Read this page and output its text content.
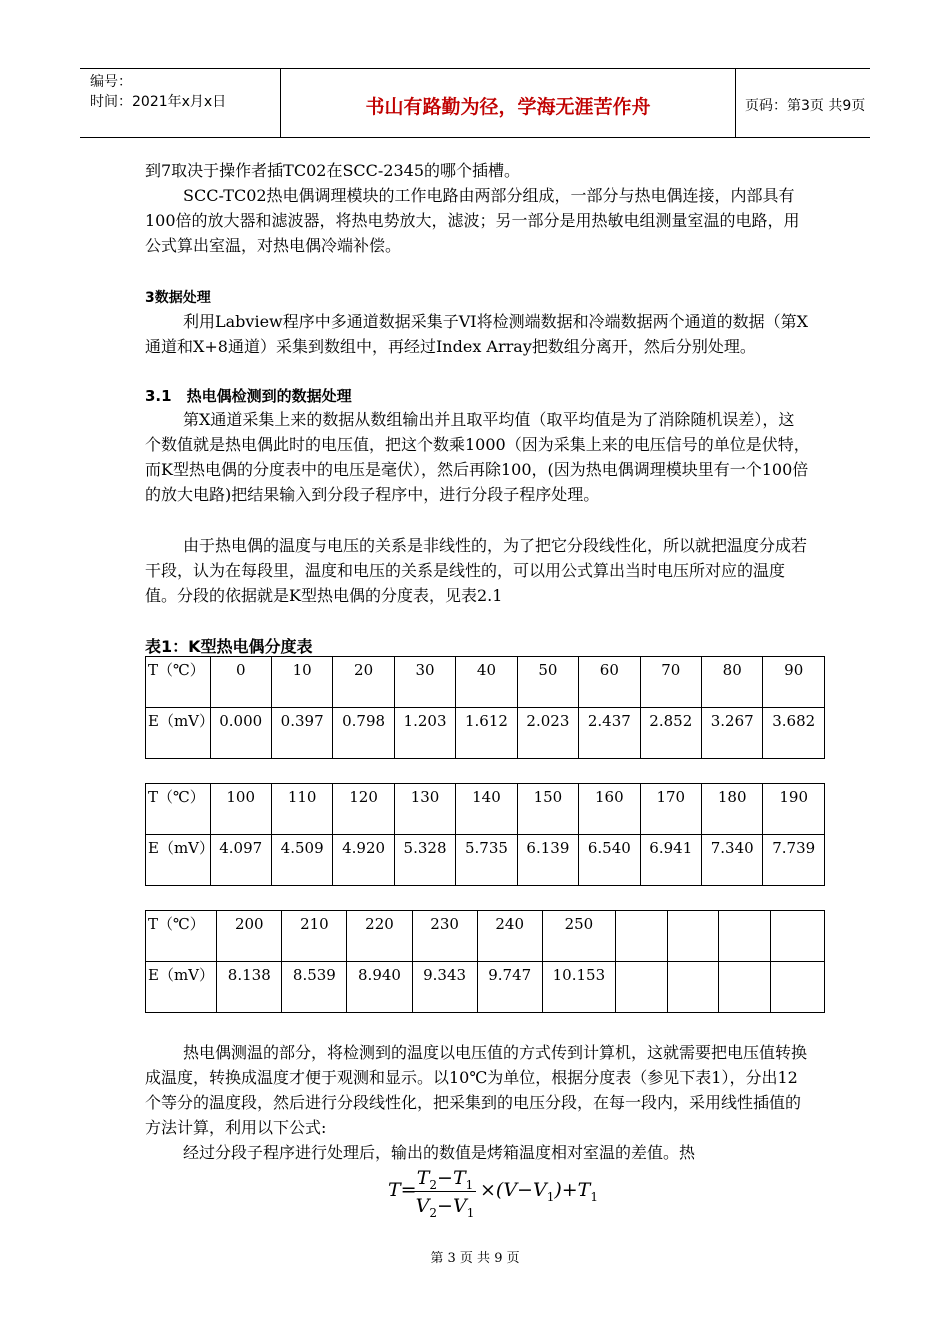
编号：
时间：2021年x月x日	书山有路勤为径，学海无涯苦作舟	页码：第3页 共9页

到7取决于操作者插TC02在SCC-2345的哪个插槽。

SCC-TC02热电偶调理模块的工作电路由两部分组成，一部分与热电偶连接，内部具有100倍的放大器和滤波器，将热电势放大，滤波；另一部分是用热敏电组测量室温的电路，用公式算出室温，对热电偶冷端补偿。

3数据处理

利用Labview程序中多通道数据采集子VI将检测端数据和冷端数据两个通道的数据（第X通道和X+8通道）采集到数组中，再经过Index Array把数组分离开，然后分别处理。

3.1　热电偶检测到的数据处理

第X通道采集上来的数据从数组输出并且取平均值（取平均值是为了消除随机误差），这个数值就是热电偶此时的电压值，把这个数乘1000（因为采集上来的电压信号的单位是伏特，而K型热电偶的分度表中的电压是毫伏），然后再除100，(因为热电偶调理模块里有一个100倍的放大电路)把结果输入到分段子程序中，进行分段子程序处理。

由于热电偶的温度与电压的关系是非线性的，为了把它分段线性化，所以就把温度分成若干段，认为在每段里，温度和电压的关系是线性的，可以用公式算出当时电压所对应的温度值。分段的依据就是K型热电偶的分度表，见表2.1

表1：K型热电偶分度表
T（℃）	0	10	20	30	40	50	60	70	80	90
E（mV）	0.000	0.397	0.798	1.203	1.612	2.023	2.437	2.852	3.267	3.682
T（℃）	100	110	120	130	140	150	160	170	180	190
E（mV）	4.097	4.509	4.920	5.328	5.735	6.139	6.540	6.941	7.340	7.739
T（℃）	200	210	220	230	240	250				
E（mV）	8.138	8.539	8.940	9.343	9.747	10.153				

热电偶测温的部分，将检测到的温度以电压值的方式传到计算机，这就需要把电压值转换成温度，转换成温度才便于观测和显示。以10℃为单位，根据分度表（参见下表1），分出12个等分的温度段，然后进行分段线性化，把采集到的电压分段，在每一段内，采用线性插值的方法计算，利用以下公式:

经过分段子程序进行处理后，输出的数值是烤箱温度相对室温的差值。热

T=
$\frac{T_2-T_1}{V_2-V_1} \times(V-V_1)+T_1$
第 3 页 共 9 页
